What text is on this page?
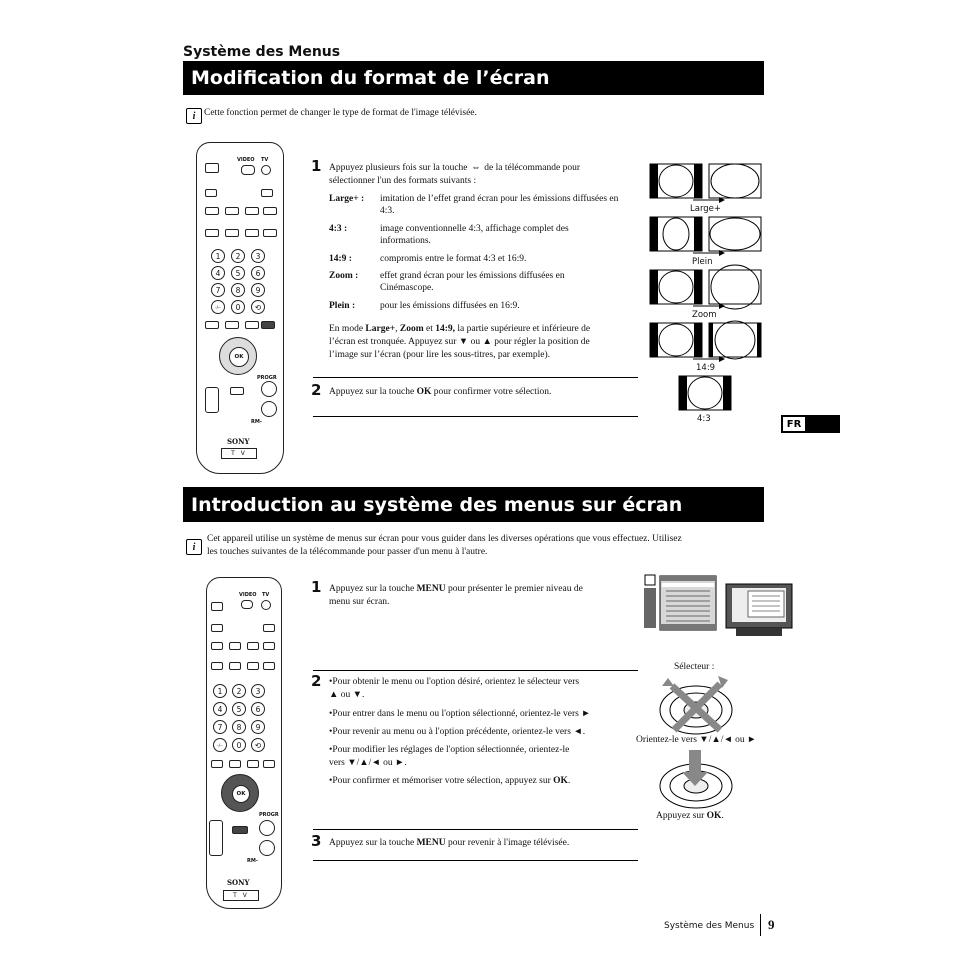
Système des Menus
Modification du format de l’écran
i Cette fonction permet de changer le type de format de l'image télévisée.
VIDEO TV
1	2	3
4	5	6
7	8	9
-/--	0	⟲
OK
PROGR
RM-
SONY
T V
1 Appuyez plusieurs fois sur la touche ⇔ de la télécommande pour
sélectionner l'un des formats suivants :
Large+ : imitation de l’effet grand écran pour les émissions diffusées en 4:3.
4:3 :	image conventionnelle 4:3, affichage complet des informations.
14:9 :	compromis entre le format 4:3 et 16:9.
Zoom : effet grand écran pour les émissions diffusées en Cinémascope.
Plein :	pour les émissions diffusées en 16:9.
En mode Large+, Zoom et 14:9, la partie supérieure et inférieure de
l’écran est tronquée. Appuyez sur ▼ ou ▲ pour régler la position de
l’image sur l’écran (pour lire les sous-titres, par exemple).
2 Appuyez sur la touche OK pour confirmer votre sélection.
Large+
Plein
Zoom
14:9
4:3	FR
Introduction au système des menus sur écran
i
Cet appareil utilise un système de menus sur écran pour vous guider dans les diverses opérations que vous effectuez. Utilisez
les touches suivantes de la télécommande pour passer d'un menu à l'autre.
VIDEO TV
1	2	3
4	5	6
7	8	9
-/--	0	⟲
OK
PROGR
RM-
SONY
T V
1 Appuyez sur la touche MENU pour présenter le premier niveau de
menu sur écran.
2 •Pour obtenir le menu ou l'option désiré, orientez le sélecteur vers
▲ ou ▼.
•Pour entrer dans le menu ou l'option sélectionné, orientez-le vers ►
•Pour revenir au menu ou à l'option précédente, orientez-le vers ◄.
•Pour modifier les réglages de l'option sélectionnée, orientez-le
vers ▼/▲/◄ ou ►.
•Pour confirmer et mémoriser votre sélection, appuyez sur OK.
Sélecteur :
Orientez-le vers ▼/▲/◄ ou ►
Appuyez sur OK.
3 Appuyez sur la touche MENU pour revenir à l'image télévisée.
Système des Menus 9
